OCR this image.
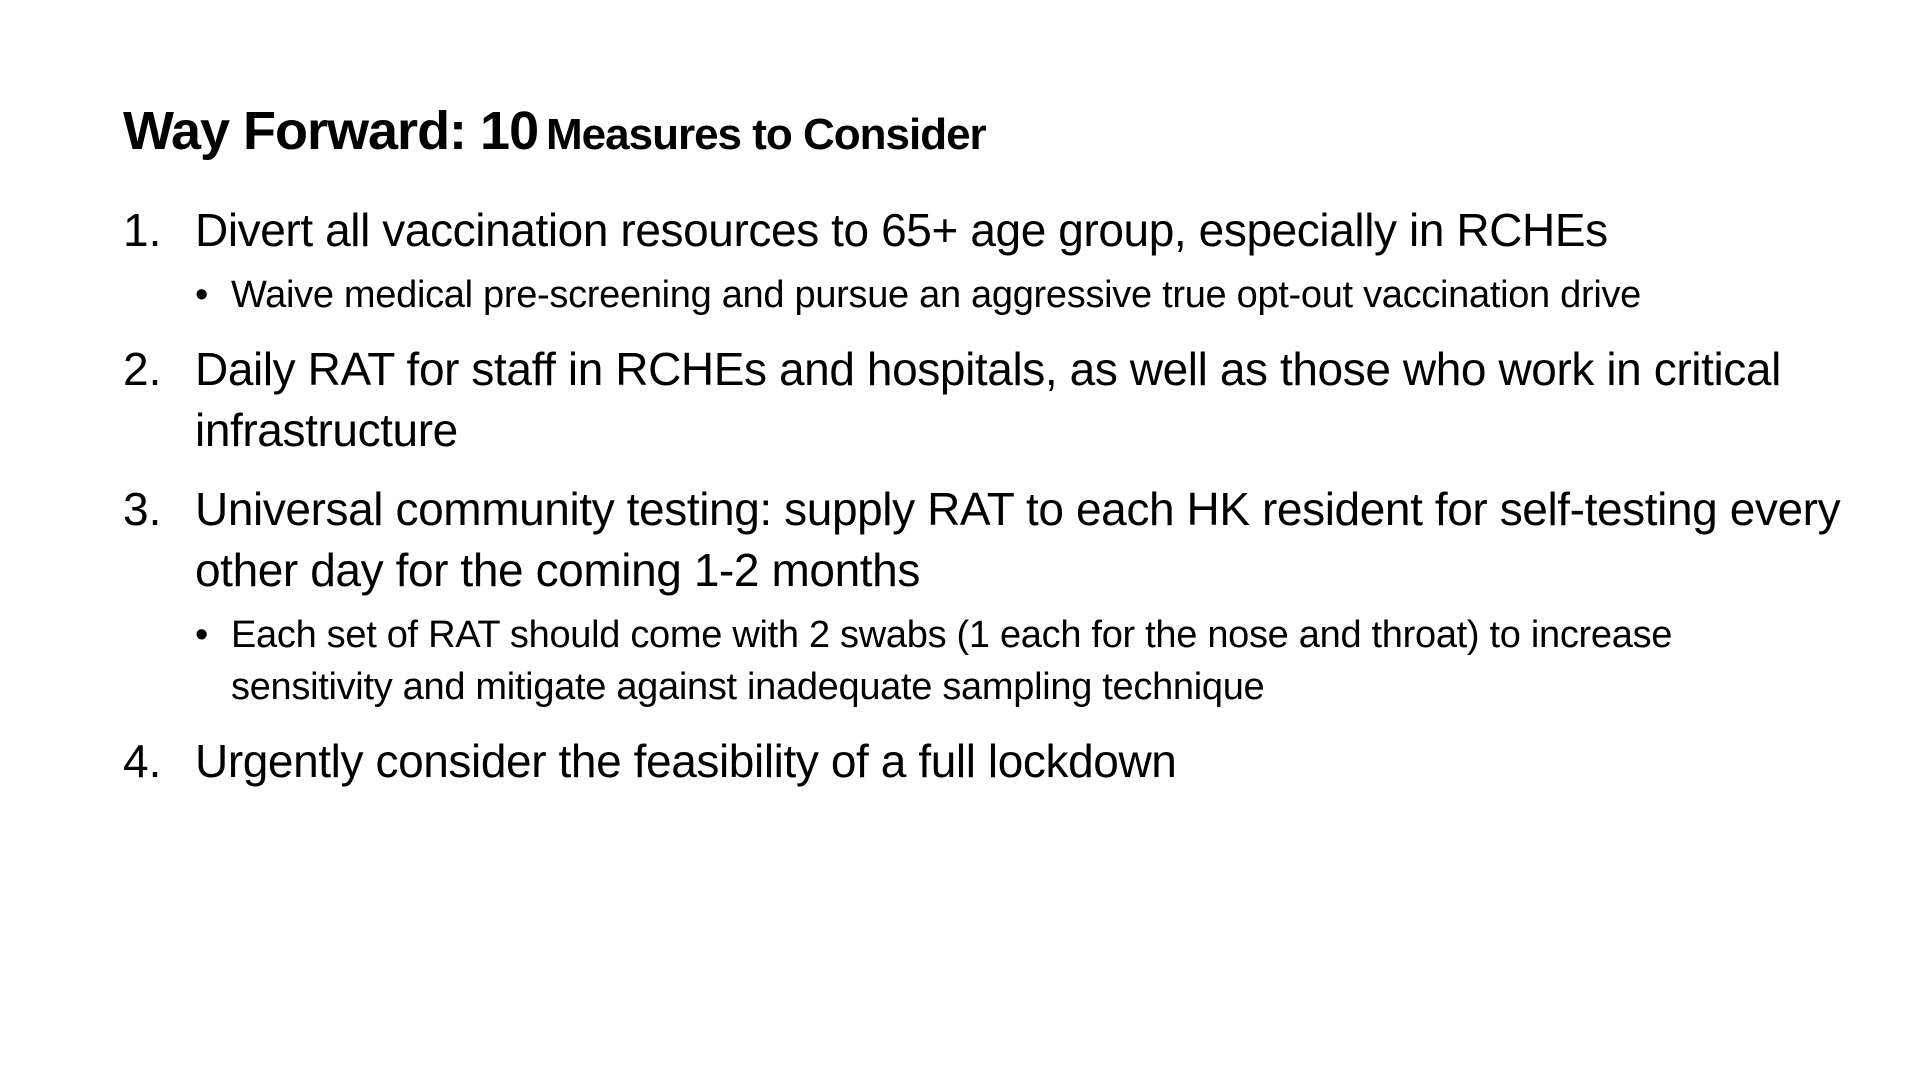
Way Forward: 10 Measures to Consider
1. Divert all vaccination resources to 65+ age group, especially in RCHEs
• Waive medical pre-screening and pursue an aggressive true opt-out vaccination drive
2. Daily RAT for staff in RCHEs and hospitals, as well as those who work in critical infrastructure
3. Universal community testing: supply RAT to each HK resident for self-testing every other day for the coming 1-2 months
• Each set of RAT should come with 2 swabs (1 each for the nose and throat) to increase sensitivity and mitigate against inadequate sampling technique
4. Urgently consider the feasibility of a full lockdown
